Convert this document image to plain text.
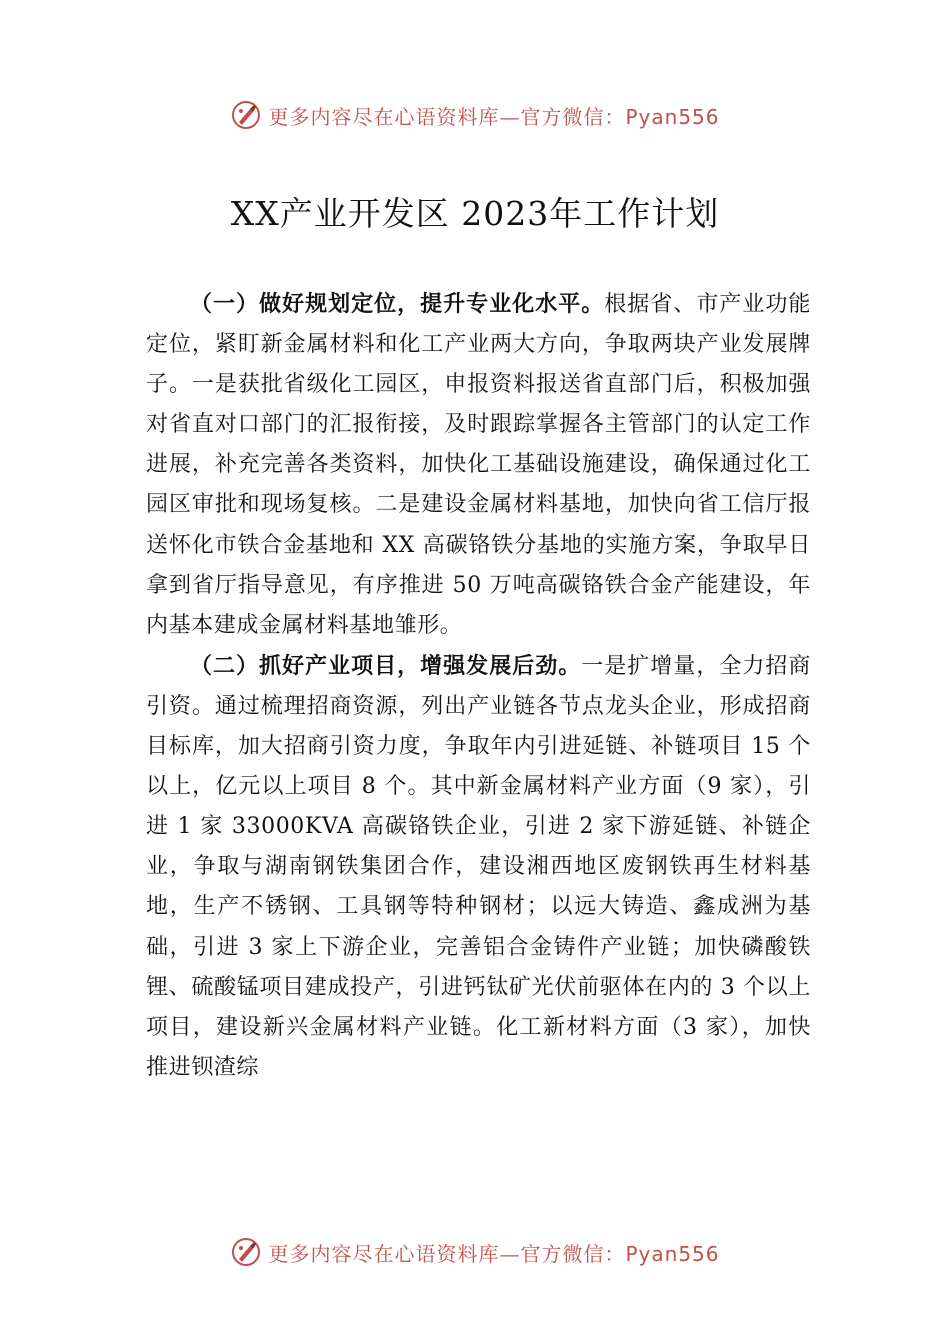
更多内容尽在心语资料库—官方微信：Pyan556
XX产业开发区 2023年工作计划

（一）做好规划定位，提升专业化水平。根据省、市产业功能定位，紧盯新金属材料和化工产业两大方向，争取两块产业发展牌子。一是获批省级化工园区，申报资料报送省直部门后，积极加强对省直对口部门的汇报衔接，及时跟踪掌握各主管部门的认定工作进展，补充完善各类资料，加快化工基础设施建设，确保通过化工园区审批和现场复核。二是建设金属材料基地，加快向省工信厅报送怀化市铁合金基地和 XX 高碳铬铁分基地的实施方案，争取早日拿到省厅指导意见，有序推进 50 万吨高碳铬铁合金产能建设，年内基本建成金属材料基地雏形。

（二）抓好产业项目，增强发展后劲。一是扩增量，全力招商引资。通过梳理招商资源，列出产业链各节点龙头企业，形成招商目标库，加大招商引资力度，争取年内引进延链、补链项目 15 个以上，亿元以上项目 8 个。其中新金属材料产业方面（9 家），引进 1 家 33000KVA 高碳铬铁企业，引进 2 家下游延链、补链企业，争取与湖南钢铁集团合作，建设湘西地区废钢铁再生材料基地，生产不锈钢、工具钢等特种钢材；以远大铸造、鑫成洲为基础，引进 3 家上下游企业，完善铝合金铸件产业链；加快磷酸铁锂、硫酸锰项目建成投产，引进钙钛矿光伏前驱体在内的 3 个以上项目，建设新兴金属材料产业链。化工新材料方面（3 家），加快推进钡渣综

更多内容尽在心语资料库—官方微信：Pyan556
